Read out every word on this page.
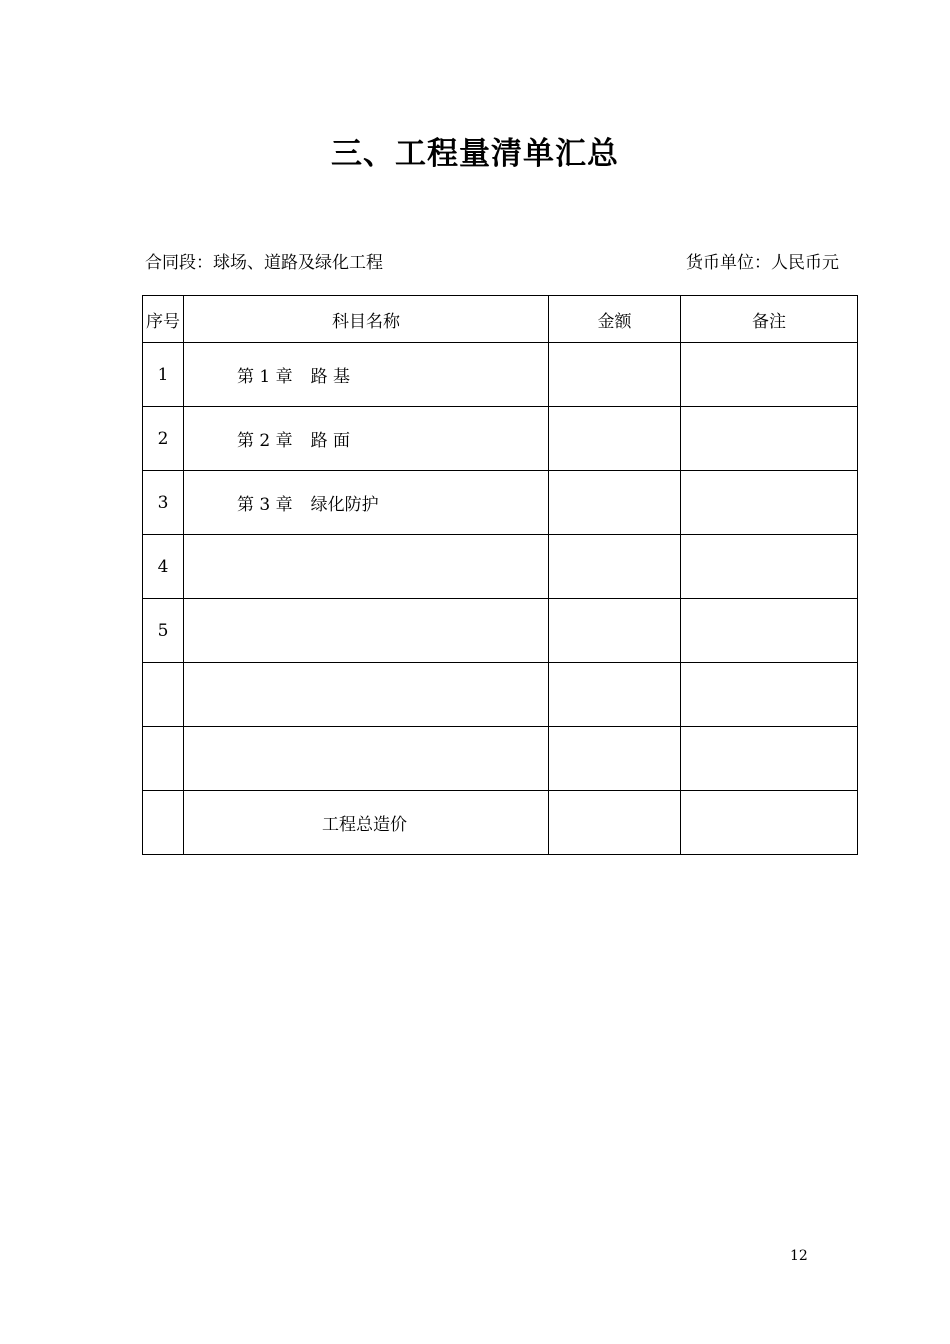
三、工程量清单汇总
合同段：球场、道路及绿化工程	货币单位：人民币元
序号	科目名称	金额	备注
1	第 1 章 路 基		
2	第 2 章 路 面		
3	第 3 章 绿化防护		
4			
5			

	工程总造价		
12
